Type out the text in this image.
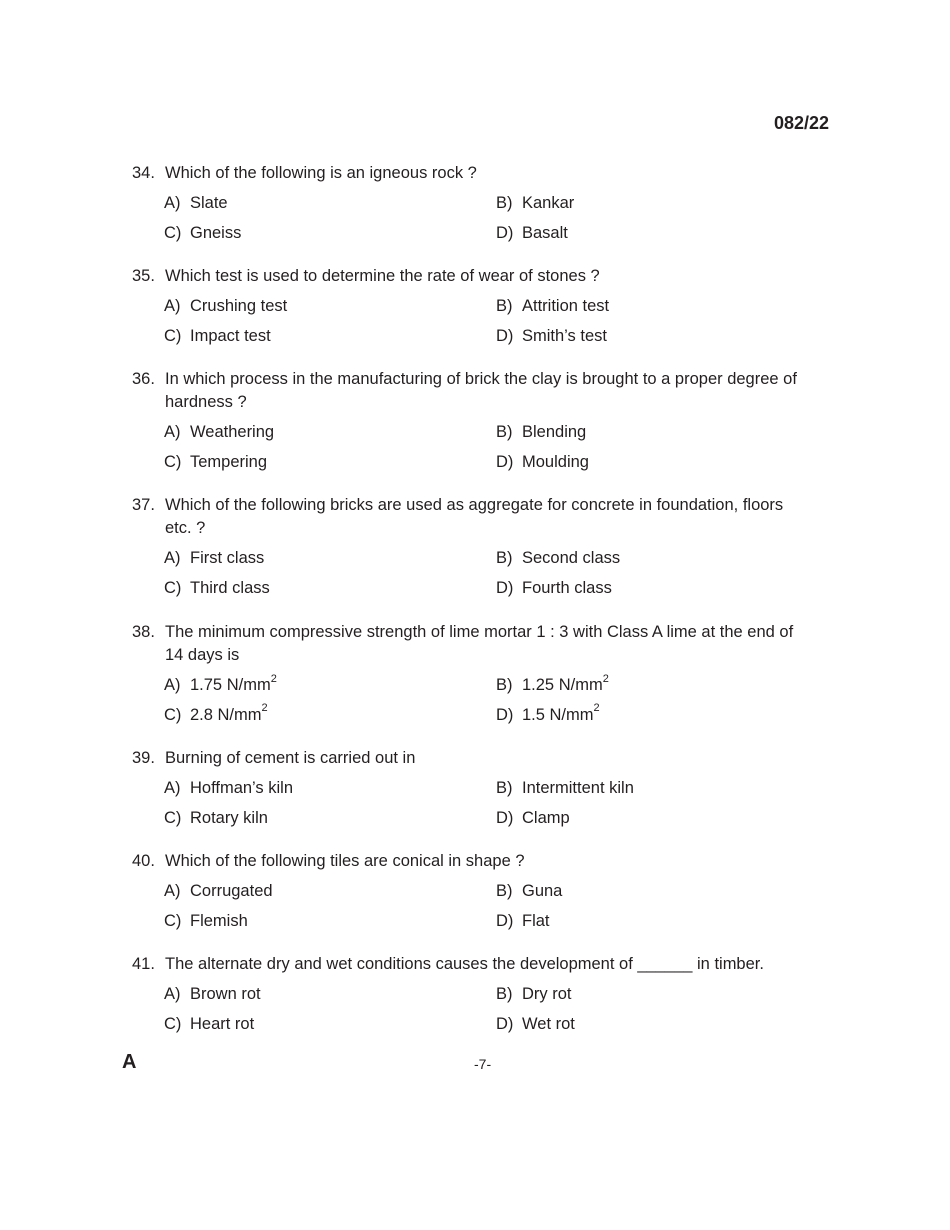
082/22
34. Which of the following is an igneous rock ?
A) Slate	B) Kankar
C) Gneiss	D) Basalt
35. Which test is used to determine the rate of wear of stones ?
A) Crushing test	B) Attrition test
C) Impact test	D) Smith’s test
36. In which process in the manufacturing of brick the clay is brought to a proper degree of hardness ?
A) Weathering	B) Blending
C) Tempering	D) Moulding
37. Which of the following bricks are used as aggregate for concrete in foundation, floors etc. ?
A) First class	B) Second class
C) Third class	D) Fourth class
38. The minimum compressive strength of lime mortar 1 : 3 with Class A lime at the end of 14 days is
A) 1.75 $N/mm^2$	B) 1.25 $N/mm^2$
C) 2.8 $N/mm^2$	D) 1.5 $N/mm^2$
39. Burning of cement is carried out in
A) Hoffman’s kiln	B) Intermittent kiln
C) Rotary kiln	D) Clamp
40. Which of the following tiles are conical in shape ?
A) Corrugated	B) Guna
C) Flemish	D) Flat
41. The alternate dry and wet conditions causes the development of ______ in timber.
A) Brown rot	B) Dry rot
C) Heart rot	D) Wet rot
A	-7-
